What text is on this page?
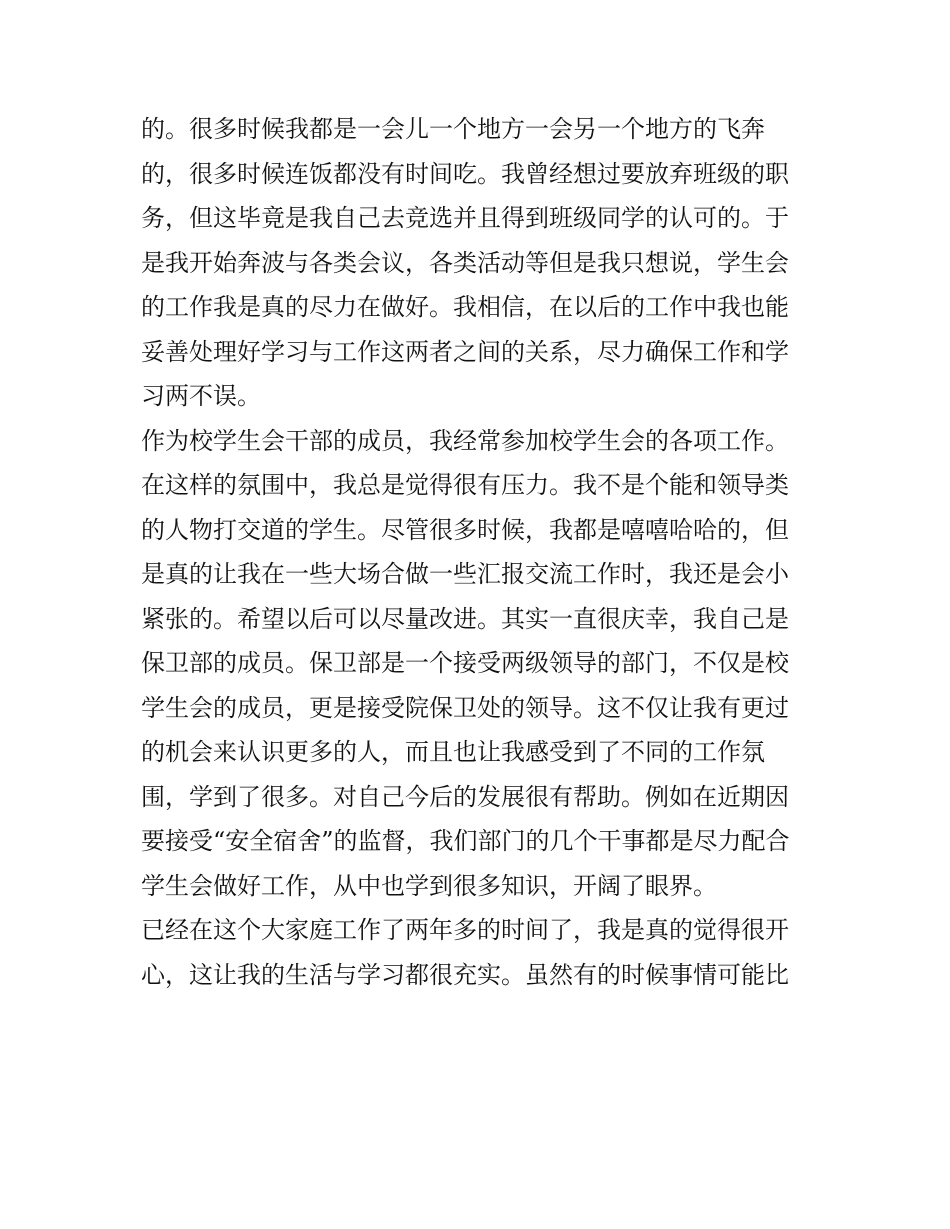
的。很多时候我都是一会儿一个地方一会另一个地方的飞奔
的，很多时候连饭都没有时间吃。我曾经想过要放弃班级的职
务，但这毕竟是我自己去竞选并且得到班级同学的认可的。于
是我开始奔波与各类会议，各类活动等但是我只想说，学生会
的工作我是真的尽力在做好。我相信，在以后的工作中我也能
妥善处理好学习与工作这两者之间的关系，尽力确保工作和学
习两不误。
作为校学生会干部的成员，我经常参加校学生会的各项工作。
在这样的氛围中，我总是觉得很有压力。我不是个能和领导类
的人物打交道的学生。尽管很多时候，我都是嘻嘻哈哈的，但
是真的让我在一些大场合做一些汇报交流工作时，我还是会小
紧张的。希望以后可以尽量改进。其实一直很庆幸，我自己是
保卫部的成员。保卫部是一个接受两级领导的部门，不仅是校
学生会的成员，更是接受院保卫处的领导。这不仅让我有更过
的机会来认识更多的人，而且也让我感受到了不同的工作氛
围，学到了很多。对自己今后的发展很有帮助。例如在近期因
要接受“安全宿舍”的监督，我们部门的几个干事都是尽力配合
学生会做好工作，从中也学到很多知识，开阔了眼界。
已经在这个大家庭工作了两年多的时间了，我是真的觉得很开
心，这让我的生活与学习都很充实。虽然有的时候事情可能比
